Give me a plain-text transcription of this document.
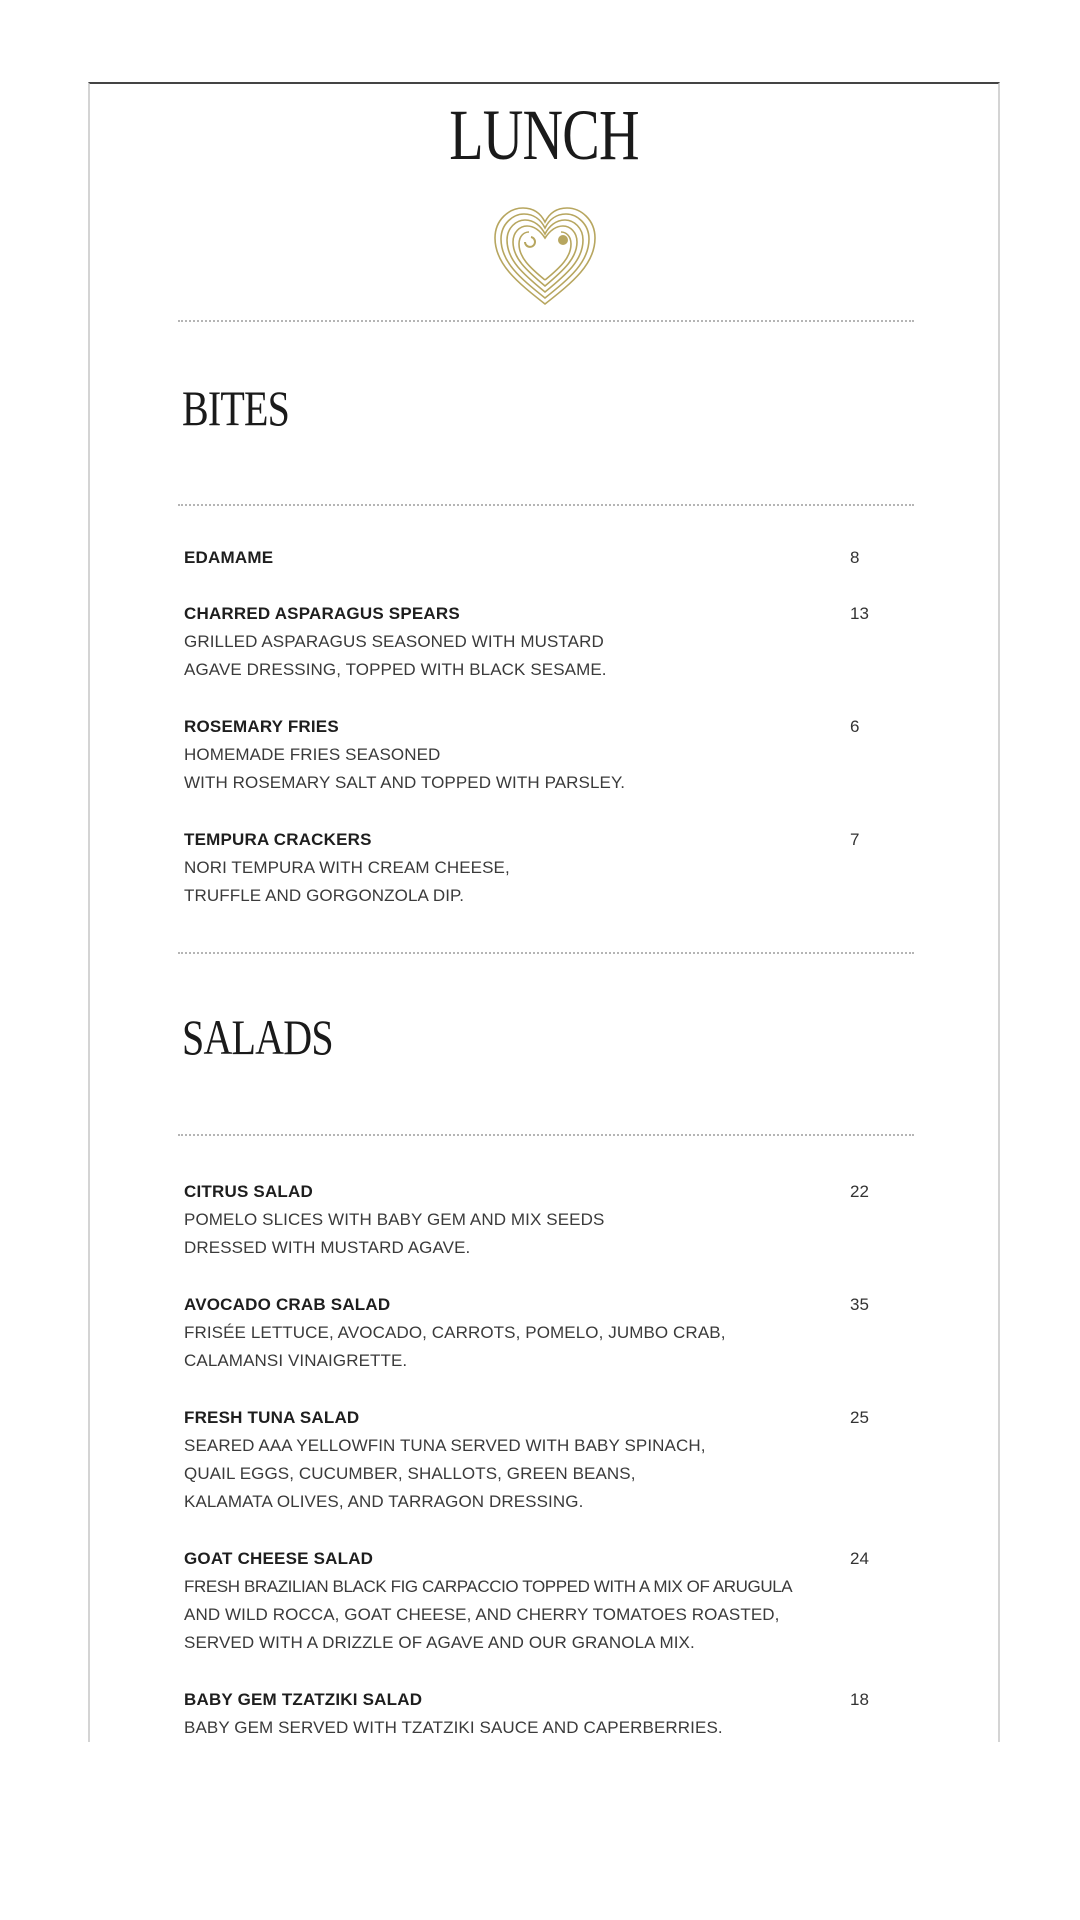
LUNCH
BITES
EDAMAME	8
CHARRED ASPARAGUS SPEARS
GRILLED ASPARAGUS SEASONED WITH MUSTARD
AGAVE DRESSING, TOPPED WITH BLACK SESAME.
13
ROSEMARY FRIES
HOMEMADE FRIES SEASONED
WITH ROSEMARY SALT AND TOPPED WITH PARSLEY.
6
TEMPURA CRACKERS
NORI TEMPURA WITH CREAM CHEESE,
TRUFFLE AND GORGONZOLA DIP.
7
SALADS
CITRUS SALAD
POMELO SLICES WITH BABY GEM AND MIX SEEDS
DRESSED WITH MUSTARD AGAVE.
22
AVOCADO CRAB SALAD
FRISÉE LETTUCE, AVOCADO, CARROTS, POMELO, JUMBO CRAB,
CALAMANSI VINAIGRETTE.
35
FRESH TUNA SALAD
SEARED AAA YELLOWFIN TUNA SERVED WITH BABY SPINACH,
QUAIL EGGS, CUCUMBER, SHALLOTS, GREEN BEANS,
KALAMATA OLIVES, AND TARRAGON DRESSING.
25
GOAT CHEESE SALAD
FRESH BRAZILIAN BLACK FIG CARPACCIO TOPPED WITH A MIX OF ARUGULA
AND WILD ROCCA, GOAT CHEESE, AND CHERRY TOMATOES ROASTED,
SERVED WITH A DRIZZLE OF AGAVE AND OUR GRANOLA MIX.
24
BABY GEM TZATZIKI SALAD
BABY GEM SERVED WITH TZATZIKI SAUCE AND CAPERBERRIES.
18
